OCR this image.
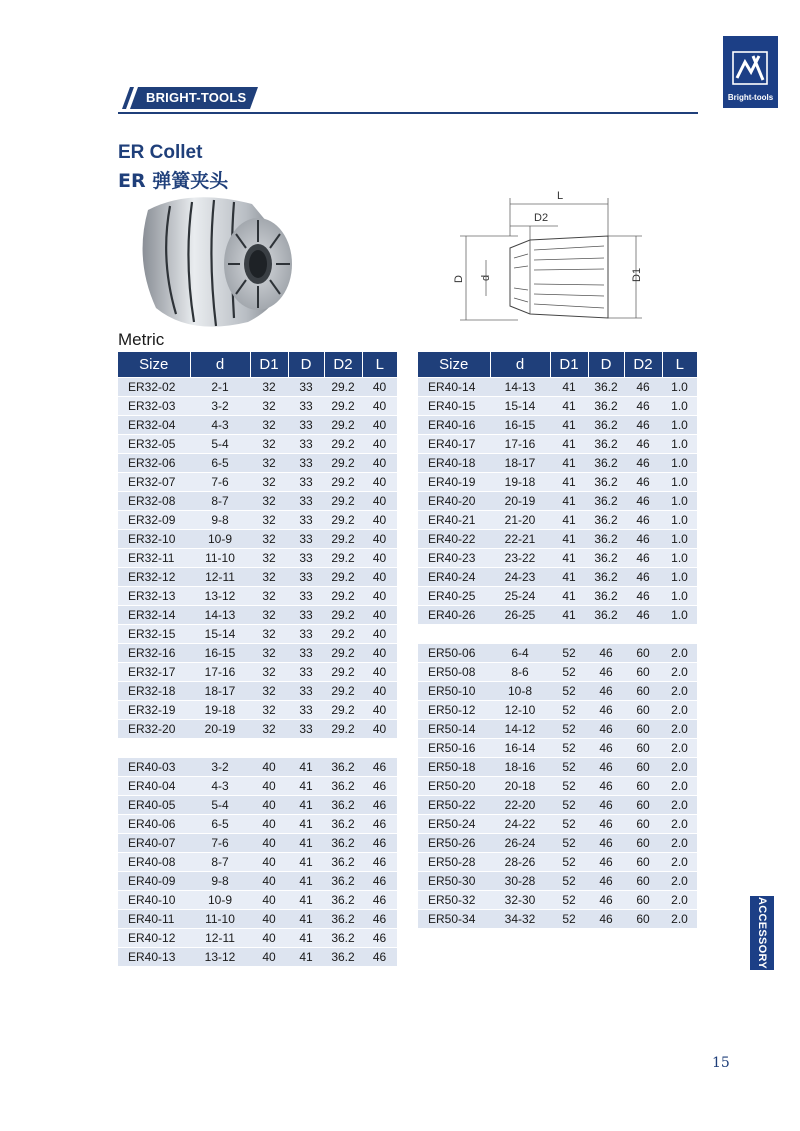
BRIGHT-TOOLS	Bright-tools
ER Collet
ER 弹簧夹头
D d
L
D2
D1
Metric
Size	d	D1	D	D2	L
ER32-02	2-1	32	33	29.2	40
ER32-03	3-2	32	33	29.2	40
ER32-04	4-3	32	33	29.2	40
ER32-05	5-4	32	33	29.2	40
ER32-06	6-5	32	33	29.2	40
ER32-07	7-6	32	33	29.2	40
ER32-08	8-7	32	33	29.2	40
ER32-09	9-8	32	33	29.2	40
ER32-10	10-9	32	33	29.2	40
ER32-11	11-10	32	33	29.2	40
ER32-12	12-11	32	33	29.2	40
ER32-13	13-12	32	33	29.2	40
ER32-14	14-13	32	33	29.2	40
ER32-15	15-14	32	33	29.2	40
ER32-16	16-15	32	33	29.2	40
ER32-17	17-16	32	33	29.2	40
ER32-18	18-17	32	33	29.2	40
ER32-19	19-18	32	33	29.2	40
ER32-20	20-19	32	33	29.2	40

ER40-03	3-2	40	41	36.2	46
ER40-04	4-3	40	41	36.2	46
ER40-05	5-4	40	41	36.2	46
ER40-06	6-5	40	41	36.2	46
ER40-07	7-6	40	41	36.2	46
ER40-08	8-7	40	41	36.2	46
ER40-09	9-8	40	41	36.2	46
ER40-10	10-9	40	41	36.2	46
ER40-11	11-10	40	41	36.2	46
ER40-12	12-11	40	41	36.2	46
ER40-13	13-12	40	41	36.2	46
Size	d	D1	D	D2	L
ER40-14	14-13	41	36.2	46	1.0
ER40-15	15-14	41	36.2	46	1.0
ER40-16	16-15	41	36.2	46	1.0
ER40-17	17-16	41	36.2	46	1.0
ER40-18	18-17	41	36.2	46	1.0
ER40-19	19-18	41	36.2	46	1.0
ER40-20	20-19	41	36.2	46	1.0
ER40-21	21-20	41	36.2	46	1.0
ER40-22	22-21	41	36.2	46	1.0
ER40-23	23-22	41	36.2	46	1.0
ER40-24	24-23	41	36.2	46	1.0
ER40-25	25-24	41	36.2	46	1.0
ER40-26	26-25	41	36.2	46	1.0

ER50-06	6-4	52	46	60	2.0
ER50-08	8-6	52	46	60	2.0
ER50-10	10-8	52	46	60	2.0
ER50-12	12-10	52	46	60	2.0
ER50-14	14-12	52	46	60	2.0
ER50-16	16-14	52	46	60	2.0
ER50-18	18-16	52	46	60	2.0
ER50-20	20-18	52	46	60	2.0
ER50-22	22-20	52	46	60	2.0
ER50-24	24-22	52	46	60	2.0
ER50-26	26-24	52	46	60	2.0
ER50-28	28-26	52	46	60	2.0
ER50-30	30-28	52	46	60	2.0
ER50-32	32-30	52	46	60	2.0
ER50-34	34-32	52	46	60	2.0	ACCESSORY
15
